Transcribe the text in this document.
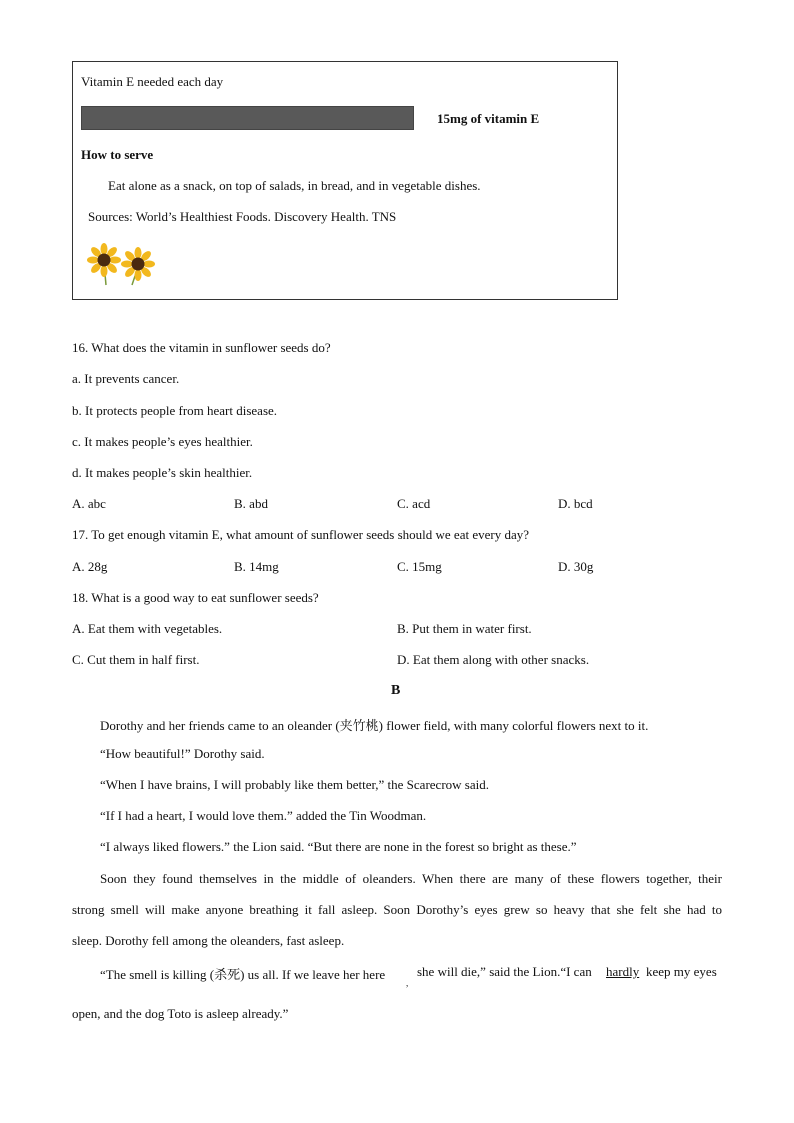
Vitamin E needed each day
15mg of vitamin E
How to serve
Eat alone as a snack, on top of salads, in bread, and in vegetable dishes.
Sources: World’s Healthiest Foods. Discovery Health. TNS
16. What does the vitamin in sunflower seeds do?
a. It prevents cancer.
b. It protects people from heart disease.
c. It makes people’s eyes healthier.
d. It makes people’s skin healthier.
A. abc	B. abd	C. acd	D. bcd
17. To get enough vitamin E, what amount of sunflower seeds should we eat every day?
A. 28g	B. 14mg	C. 15mg	D. 30g
18. What is a good way to eat sunflower seeds?
A. Eat them with vegetables.	B. Put them in water first.
C. Cut them in half first.	D. Eat them along with other snacks.
B
Dorothy and her friends came to an oleander (夹竹桃) flower field, with many colorful flowers next to it.
“How beautiful!” Dorothy said.
“When I have brains, I will probably like them better,” the Scarecrow said.
“If I had a heart, I would love them.” added the Tin Woodman.
“I always liked flowers.” the Lion said. “But there are none in the forest so bright as these.”
Soon they found themselves in the middle of oleanders. When there are many of these flowers together, their
strong smell will make anyone breathing it fall asleep. Soon Dorothy’s eyes grew so heavy that she felt she had to
sleep. Dorothy fell among the oleanders, fast asleep.
“The smell is killing (杀死) us all. If we leave her here
,
she will die,” said the Lion.“I can hardly keep my eyes
open, and the dog Toto is asleep already.”
